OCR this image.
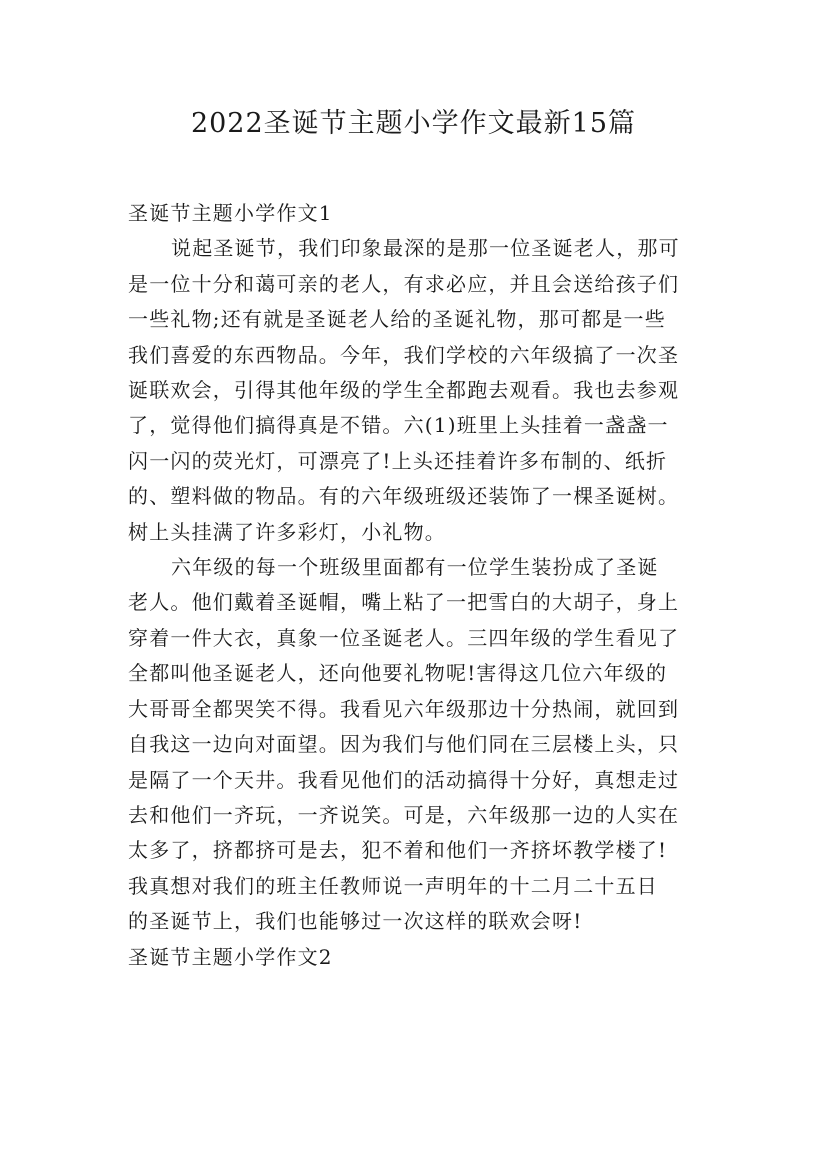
2022圣诞节主题小学作文最新15篇

圣诞节主题小学作文1

说起圣诞节，我们印象最深的是那一位圣诞老人，那可
是一位十分和蔼可亲的老人，有求必应，并且会送给孩子们
一些礼物;还有就是圣诞老人给的圣诞礼物，那可都是一些
我们喜爱的东西物品。今年，我们学校的六年级搞了一次圣
诞联欢会，引得其他年级的学生全都跑去观看。我也去参观
了，觉得他们搞得真是不错。六(1)班里上头挂着一盏盏一
闪一闪的荧光灯，可漂亮了!上头还挂着许多布制的、纸折
的、塑料做的物品。有的六年级班级还装饰了一棵圣诞树。
树上头挂满了许多彩灯，小礼物。

六年级的每一个班级里面都有一位学生装扮成了圣诞
老人。他们戴着圣诞帽，嘴上粘了一把雪白的大胡子，身上
穿着一件大衣，真象一位圣诞老人。三四年级的学生看见了
全都叫他圣诞老人，还向他要礼物呢!害得这几位六年级的
大哥哥全都哭笑不得。我看见六年级那边十分热闹，就回到
自我这一边向对面望。因为我们与他们同在三层楼上头，只
是隔了一个天井。我看见他们的活动搞得十分好，真想走过
去和他们一齐玩，一齐说笑。可是，六年级那一边的人实在
太多了，挤都挤可是去，犯不着和他们一齐挤坏教学楼了!
我真想对我们的班主任教师说一声明年的十二月二十五日
的圣诞节上，我们也能够过一次这样的联欢会呀!

圣诞节主题小学作文2
